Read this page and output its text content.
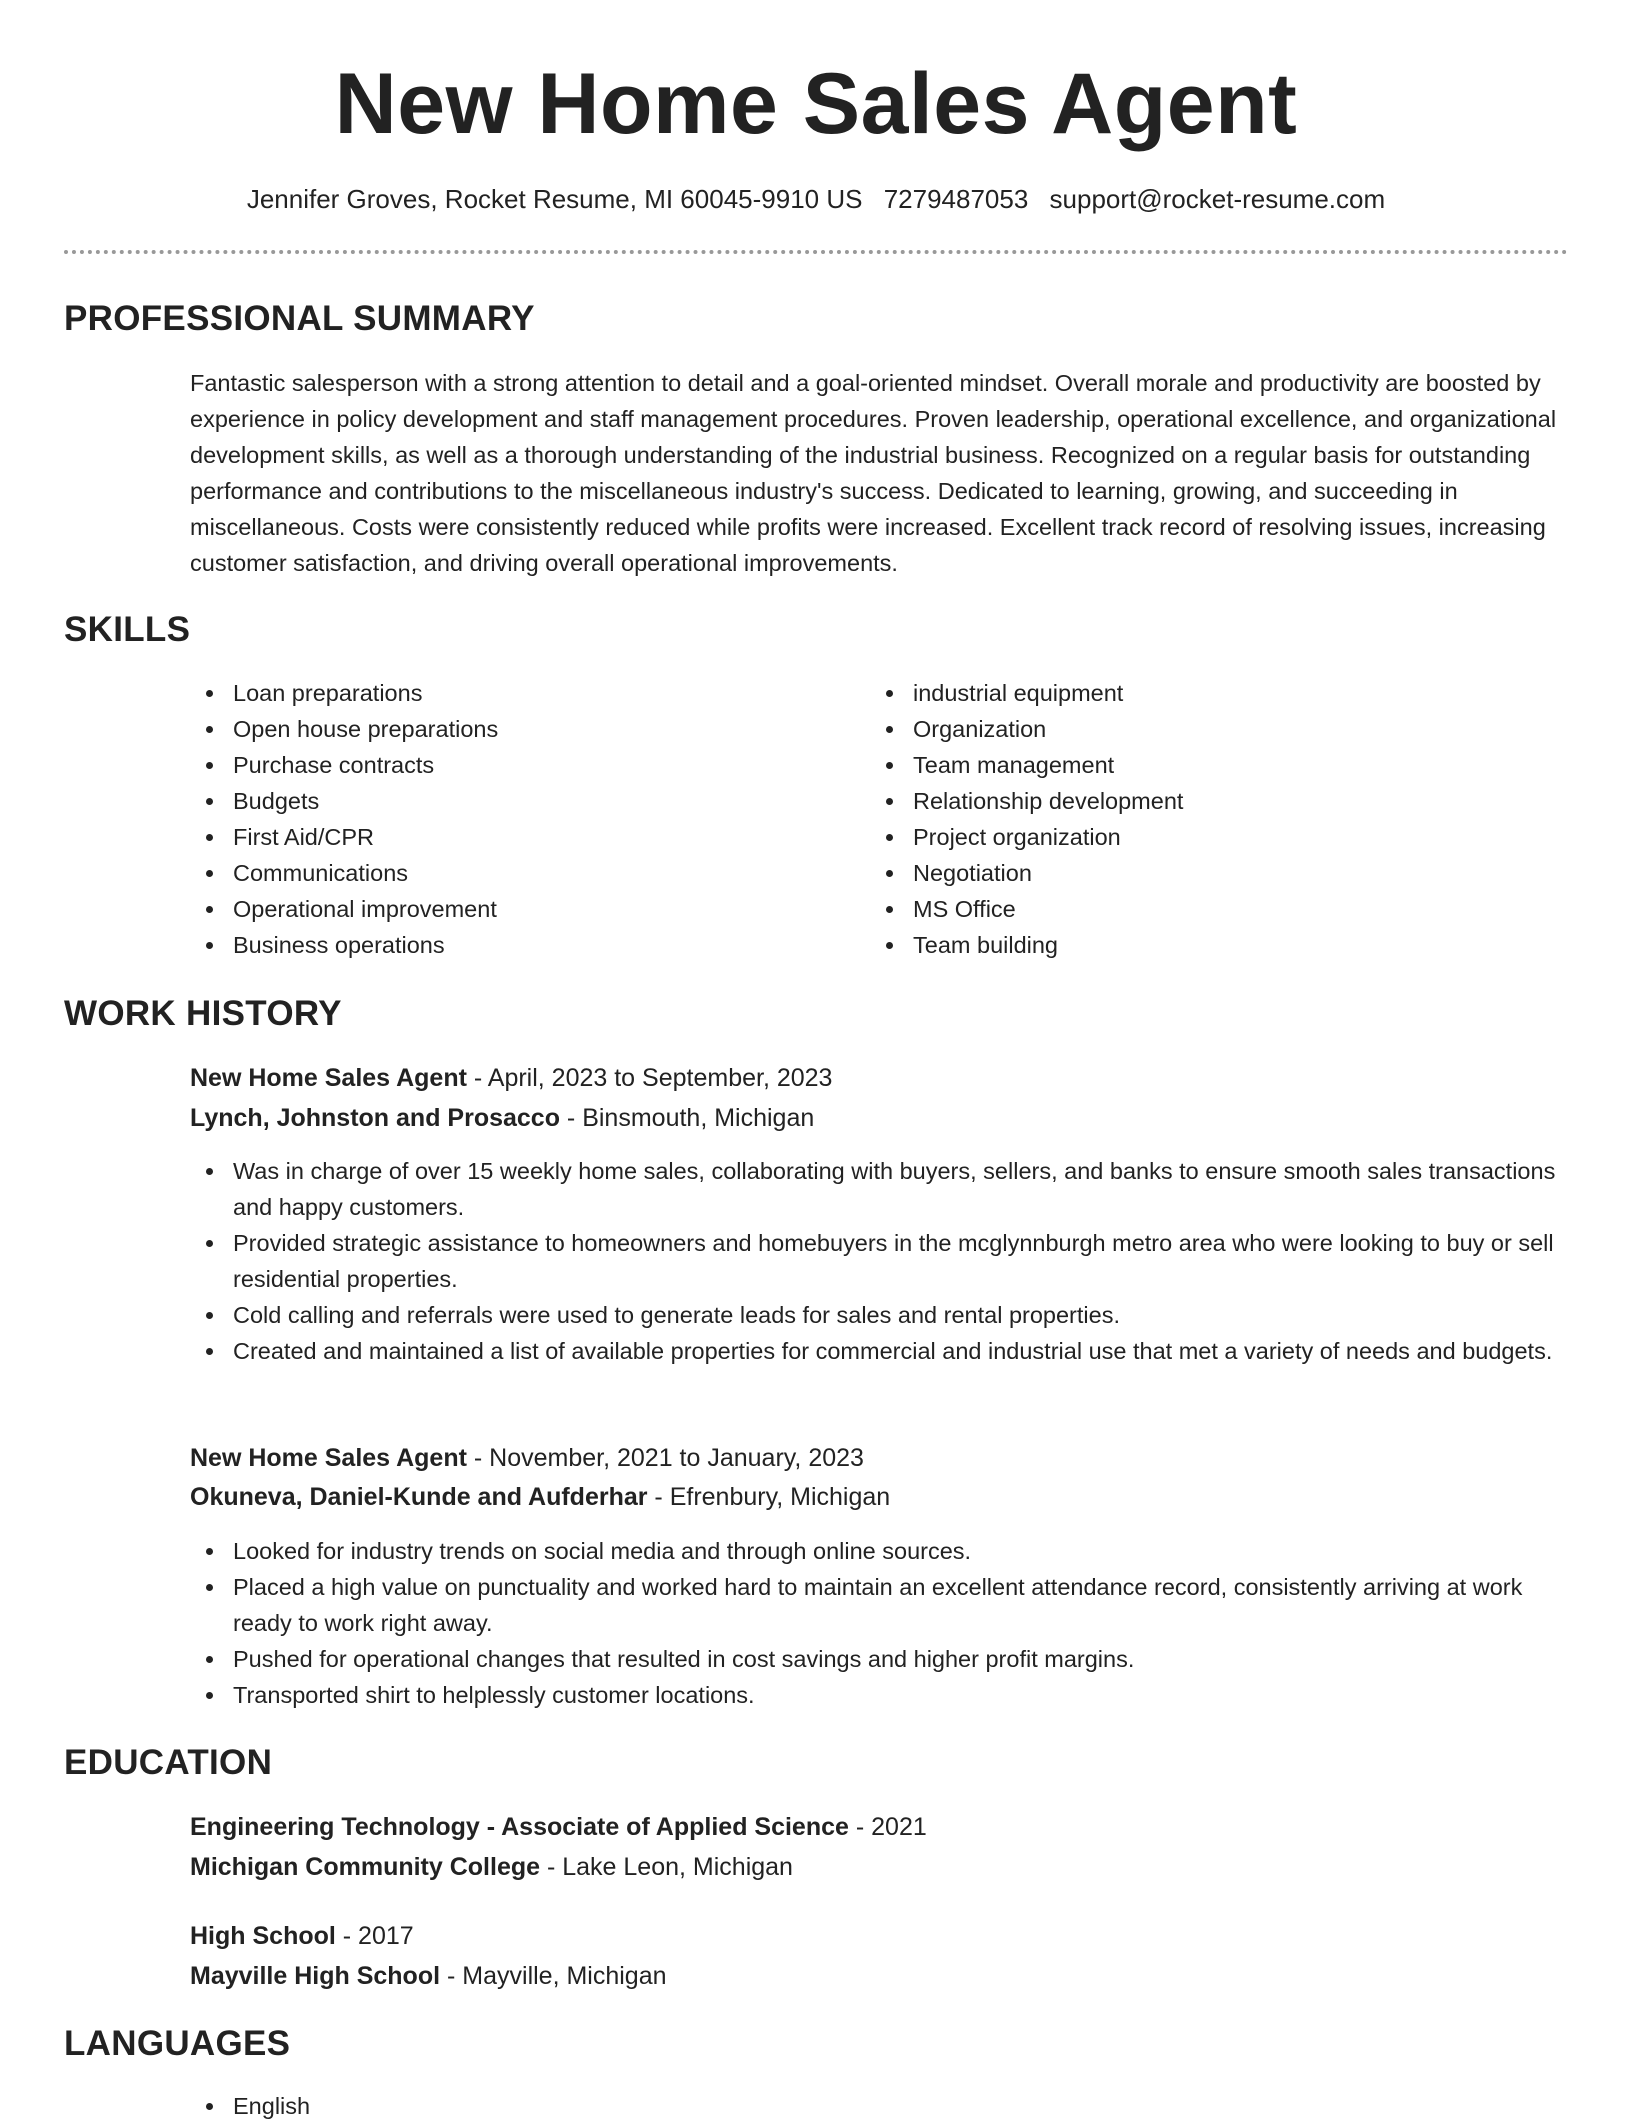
New Home Sales Agent
Jennifer Groves, Rocket Resume, MI 60045-9910 US 7279487053 support@rocket-resume.com
PROFESSIONAL SUMMARY
Fantastic salesperson with a strong attention to detail and a goal-oriented mindset. Overall morale and productivity are boosted by experience in policy development and staff management procedures. Proven leadership, operational excellence, and organizational development skills, as well as a thorough understanding of the industrial business. Recognized on a regular basis for outstanding performance and contributions to the miscellaneous industry's success. Dedicated to learning, growing, and succeeding in miscellaneous. Costs were consistently reduced while profits were increased. Excellent track record of resolving issues, increasing customer satisfaction, and driving overall operational improvements.
SKILLS
Loan preparations
Open house preparations
Purchase contracts
Budgets
First Aid/CPR
Communications
Operational improvement
Business operations
industrial equipment
Organization
Team management
Relationship development
Project organization
Negotiation
MS Office
Team building
WORK HISTORY
New Home Sales Agent - April, 2023 to September, 2023
Lynch, Johnston and Prosacco - Binsmouth, Michigan
Was in charge of over 15 weekly home sales, collaborating with buyers, sellers, and banks to ensure smooth sales transactions and happy customers.
Provided strategic assistance to homeowners and homebuyers in the mcglynnburgh metro area who were looking to buy or sell residential properties.
Cold calling and referrals were used to generate leads for sales and rental properties.
Created and maintained a list of available properties for commercial and industrial use that met a variety of needs and budgets.
New Home Sales Agent - November, 2021 to January, 2023
Okuneva, Daniel-Kunde and Aufderhar - Efrenbury, Michigan
Looked for industry trends on social media and through online sources.
Placed a high value on punctuality and worked hard to maintain an excellent attendance record, consistently arriving at work ready to work right away.
Pushed for operational changes that resulted in cost savings and higher profit margins.
Transported shirt to helplessly customer locations.
EDUCATION
Engineering Technology - Associate of Applied Science - 2021
Michigan Community College - Lake Leon, Michigan
High School - 2017
Mayville High School - Mayville, Michigan
LANGUAGES
English
